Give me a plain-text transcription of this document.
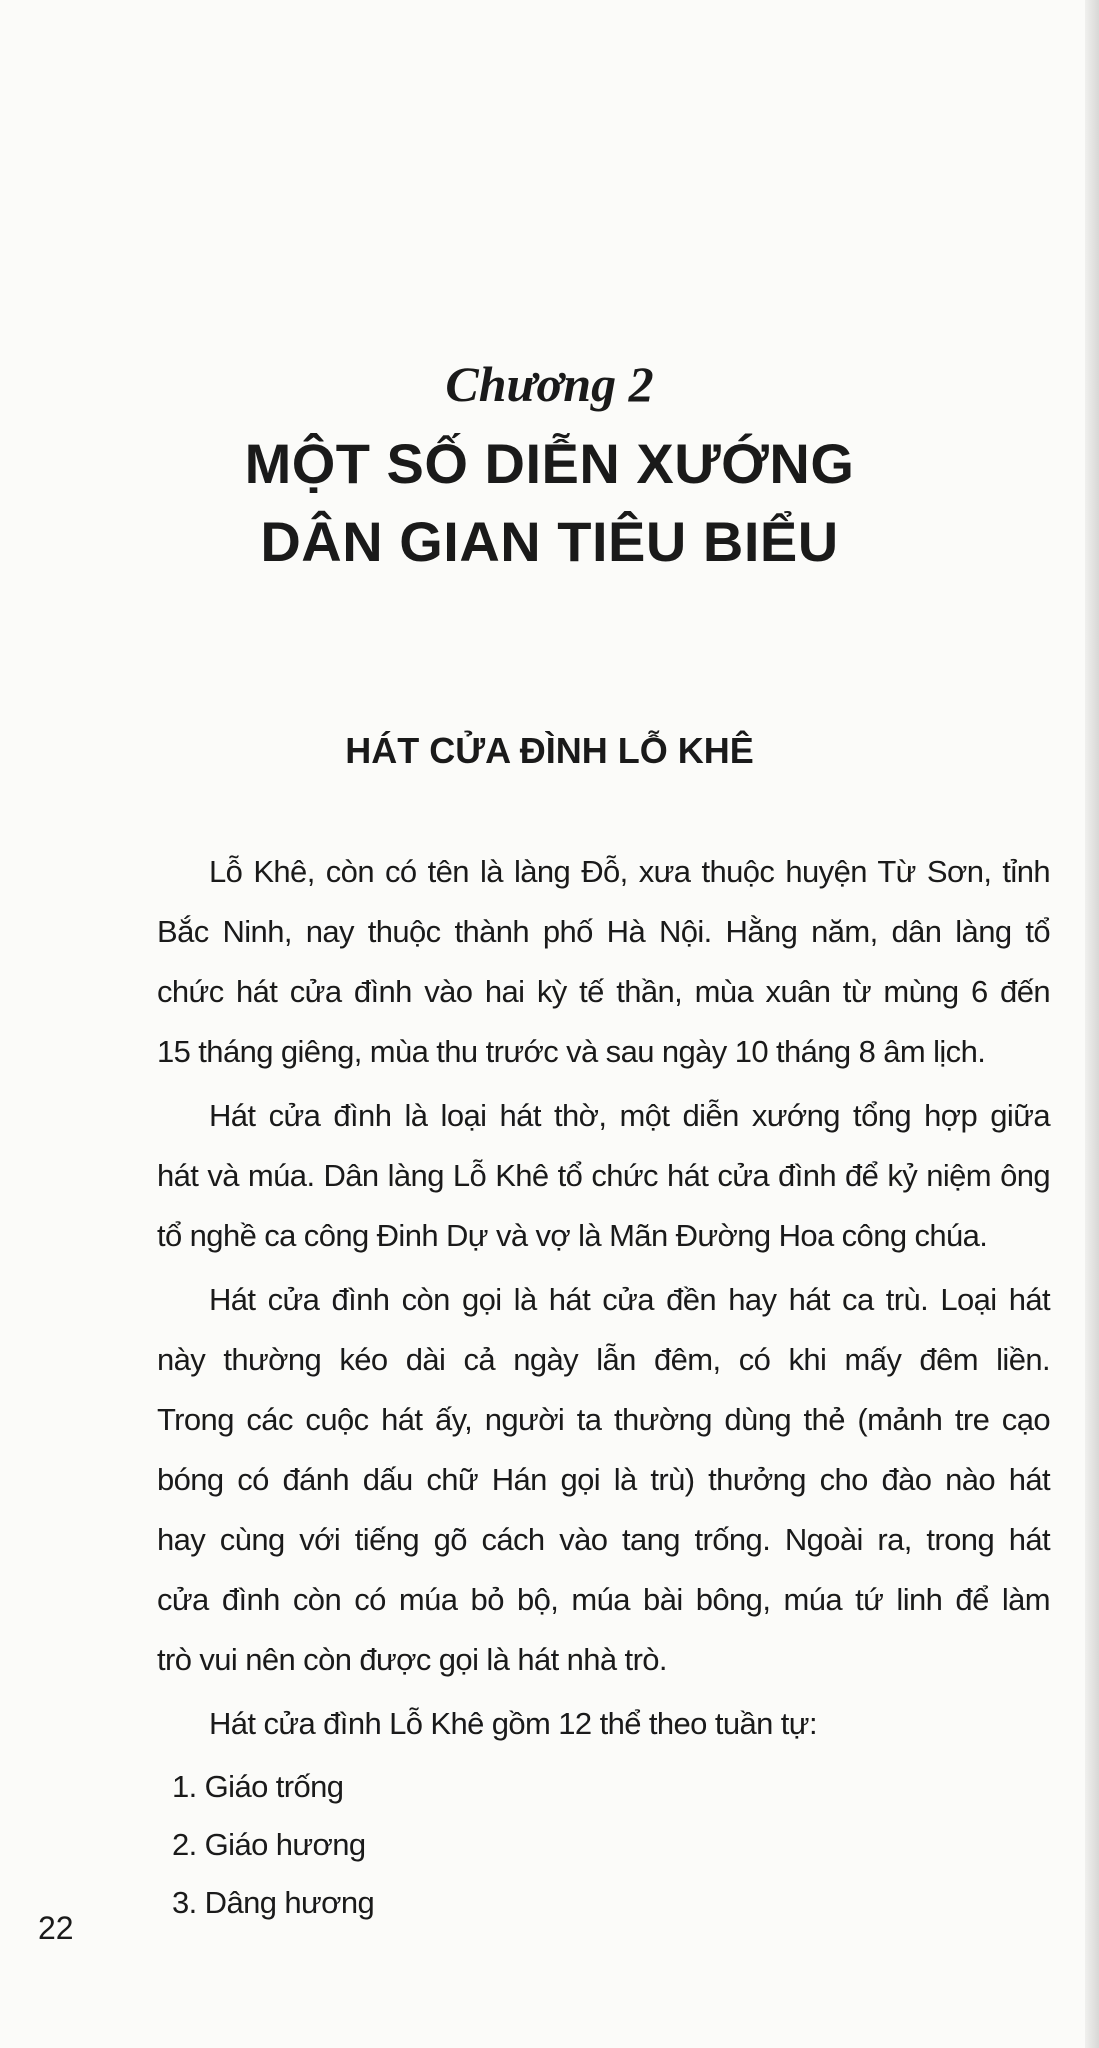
Chương 2
MỘT SỐ DIỄN XƯỚNG
DÂN GIAN TIÊU BIỂU
HÁT CỬA ĐÌNH LỖ KHÊ
Lỗ Khê, còn có tên là làng Đỗ, xưa thuộc huyện Từ Sơn, tỉnh
Bắc Ninh, nay thuộc thành phố Hà Nội. Hằng năm, dân làng tổ
chức hát cửa đình vào hai kỳ tế thần, mùa xuân từ mùng 6 đến
15 tháng giêng, mùa thu trước và sau ngày 10 tháng 8 âm lịch.
Hát cửa đình là loại hát thờ, một diễn xướng tổng hợp giữa
hát và múa. Dân làng Lỗ Khê tổ chức hát cửa đình để kỷ niệm ông
tổ nghề ca công Đinh Dự và vợ là Mãn Đường Hoa công chúa.
Hát cửa đình còn gọi là hát cửa đền hay hát ca trù. Loại hát
này thường kéo dài cả ngày lẫn đêm, có khi mấy đêm liền.
Trong các cuộc hát ấy, người ta thường dùng thẻ (mảnh tre cạo
bóng có đánh dấu chữ Hán gọi là trù) thưởng cho đào nào hát
hay cùng với tiếng gõ cách vào tang trống. Ngoài ra, trong hát
cửa đình còn có múa bỏ bộ, múa bài bông, múa tứ linh để làm
trò vui nên còn được gọi là hát nhà trò.
Hát cửa đình Lỗ Khê gồm 12 thể theo tuần tự:
1. Giáo trống
2. Giáo hương
3. Dâng hương
22
